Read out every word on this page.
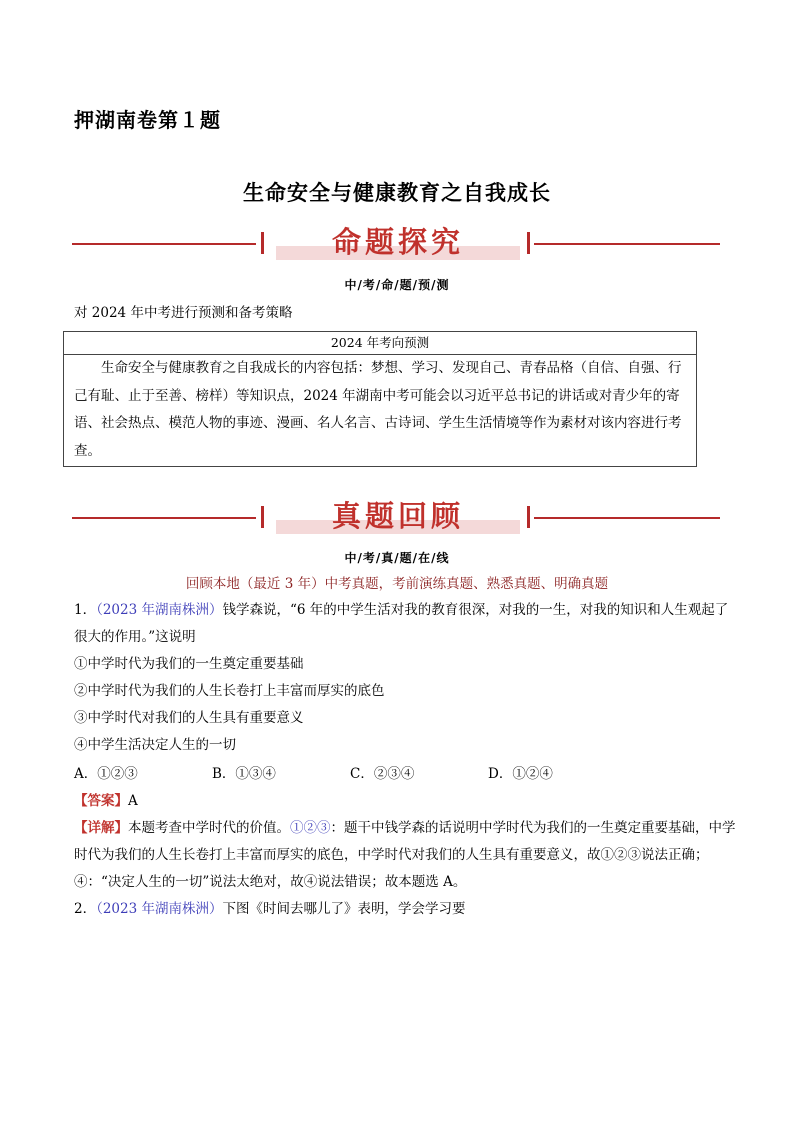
押湖南卷第１题
生命安全与健康教育之自我成长
命题探究
中/考/命/题/预/测
对 2024 年中考进行预测和备考策略
2024 年考向预测
生命安全与健康教育之自我成长的内容包括：梦想、学习、发现自己、青春品格（自信、自强、行己有耻、止于至善、榜样）等知识点，2024 年湖南中考可能会以习近平总书记的讲话或对青少年的寄语、社会热点、模范人物的事迹、漫画、名人名言、古诗词、学生生活情境等作为素材对该内容进行考查。
真题回顾
中/考/真/题/在/线
回顾本地（最近 3 年）中考真题，考前演练真题、熟悉真题、明确真题
1．（2023 年湖南株洲）钱学森说，“6 年的中学生活对我的教育很深，对我的一生，对我的知识和人生观起了很大的作用。”这说明
①中学时代为我们的一生奠定重要基础
②中学时代为我们的人生长卷打上丰富而厚实的底色
③中学时代对我们的人生具有重要意义
④中学生活决定人生的一切
A．①②③	B．①③④	C．②③④	D．①②④
【答案】A
【详解】本题考查中学时代的价值。①②③：题干中钱学森的话说明中学时代为我们的一生奠定重要基础，中学时代为我们的人生长卷打上丰富而厚实的底色，中学时代对我们的人生具有重要意义，故①②③说法正确；④：“决定人生的一切”说法太绝对，故④说法错误；故本题选 A。
2．（2023 年湖南株洲）下图《时间去哪儿了》表明，学会学习要
